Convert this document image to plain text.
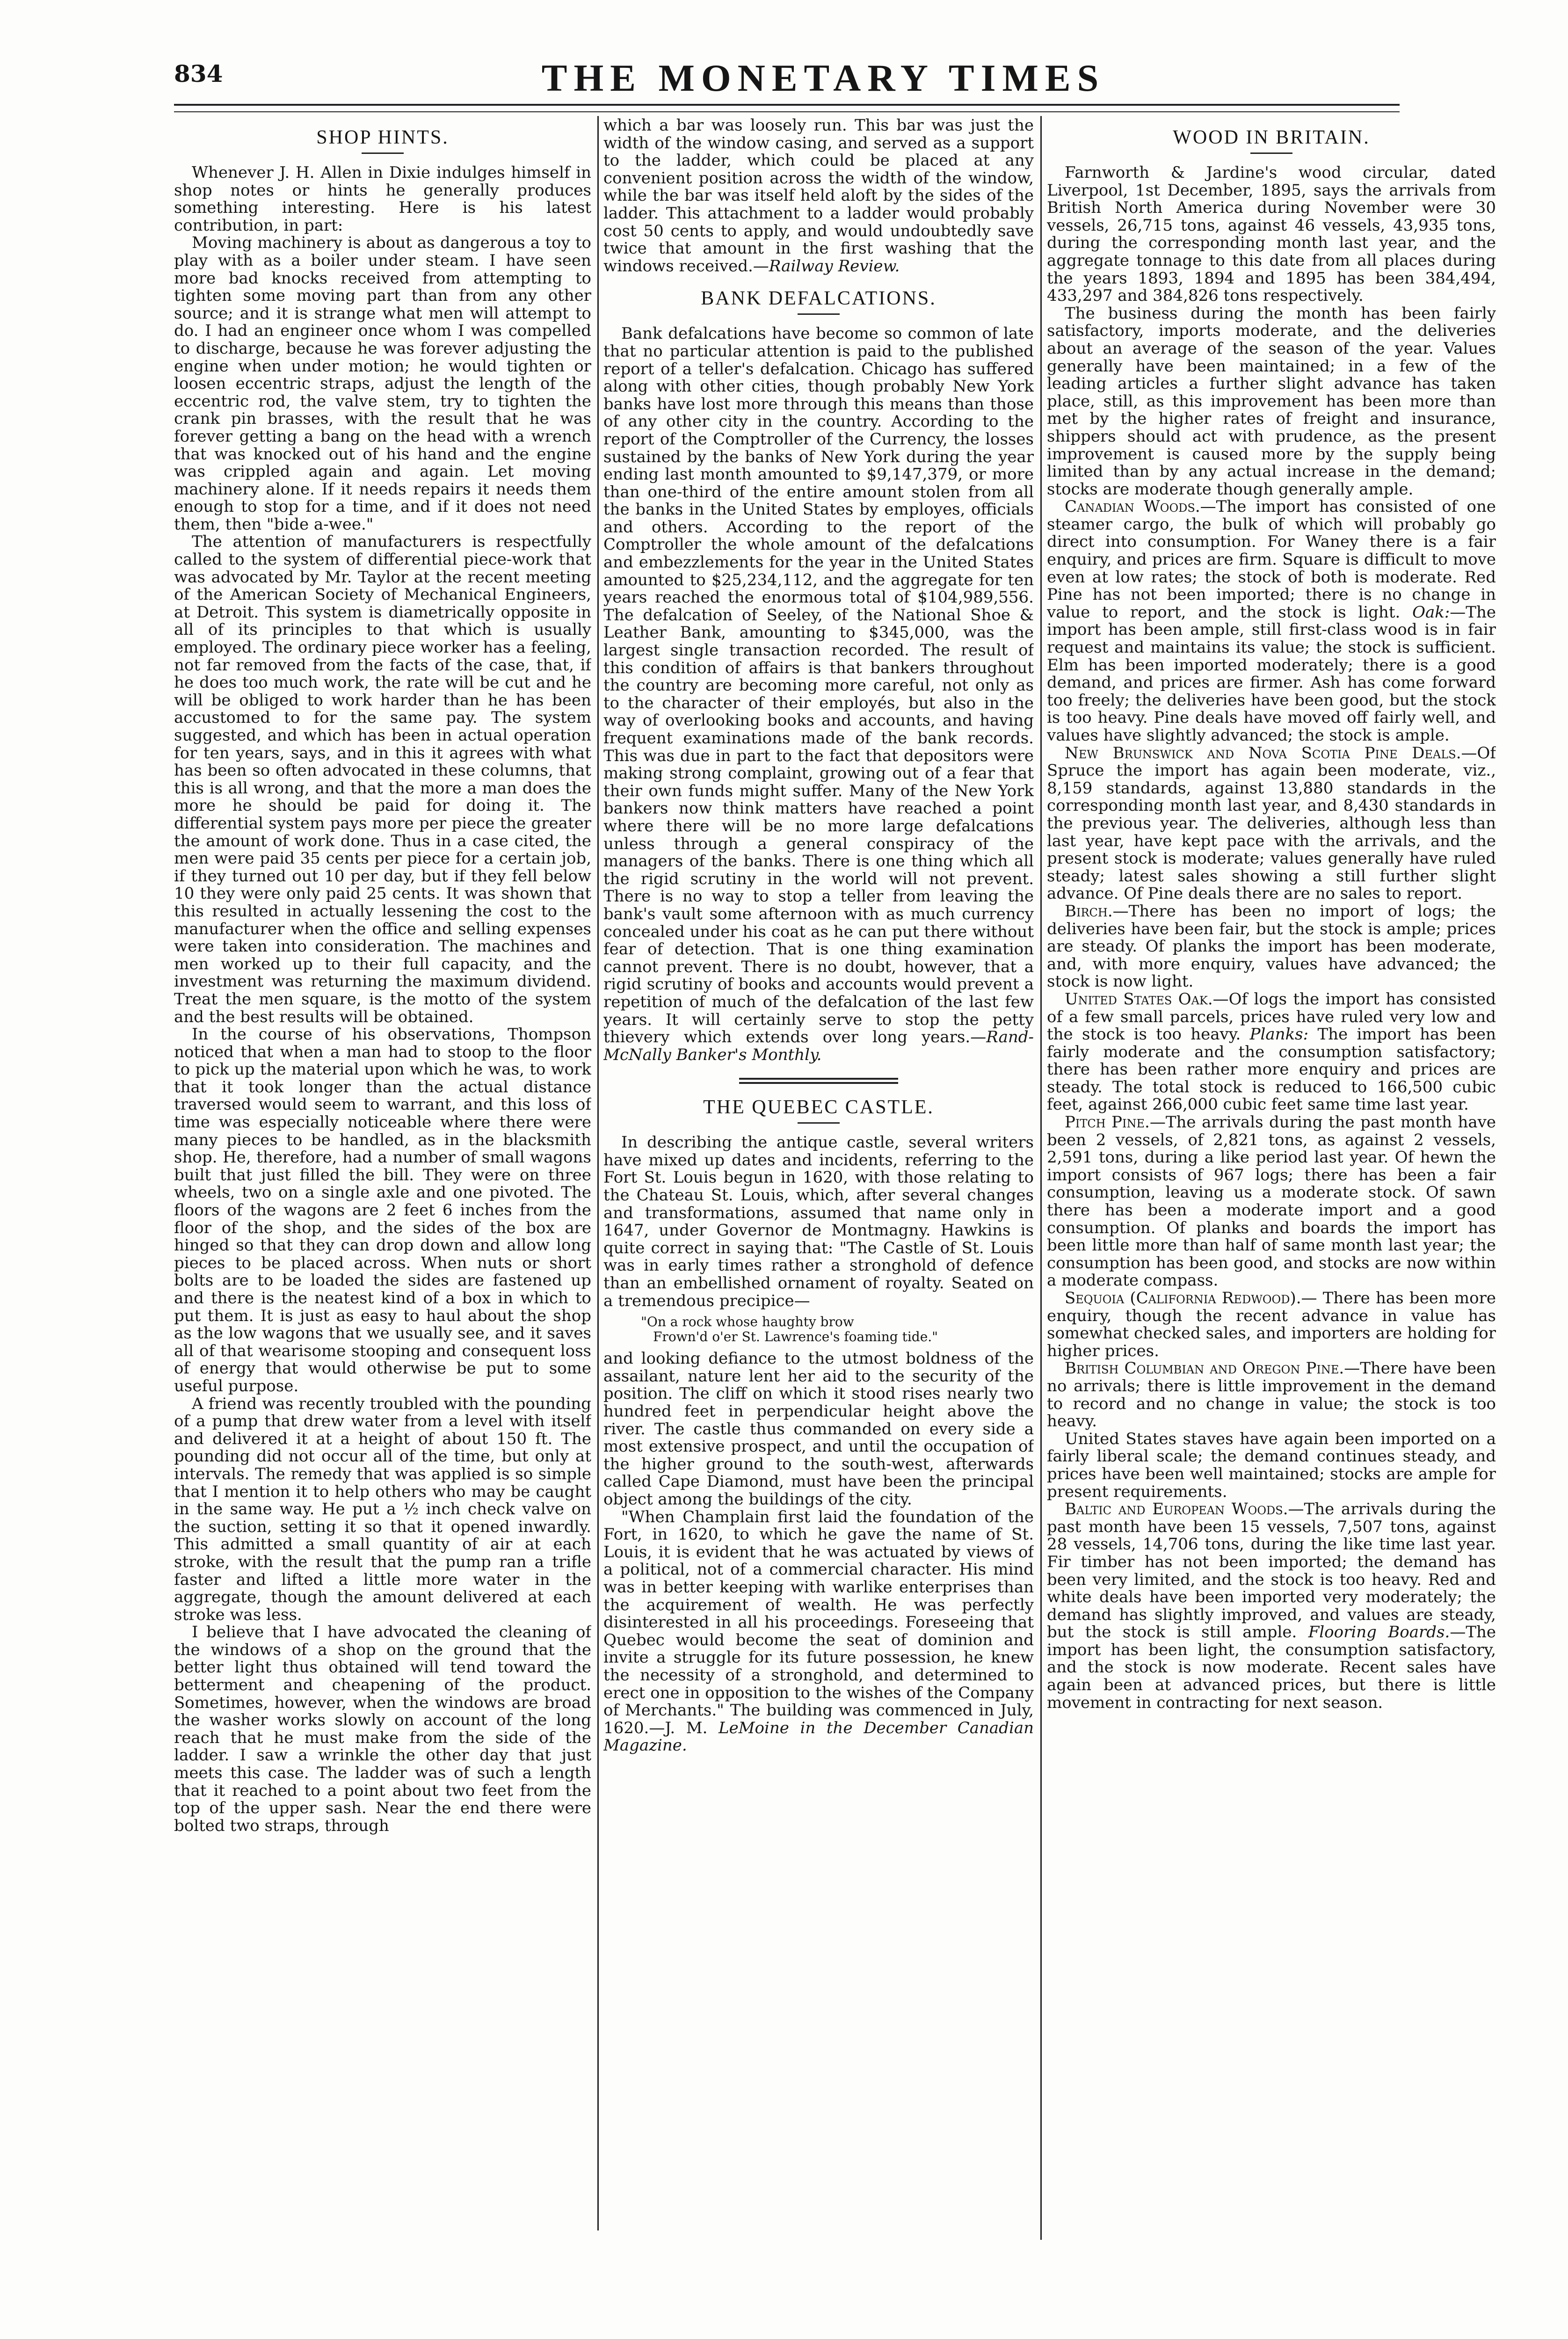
834	THE MONETARY TIMES
SHOP HINTS.

Whenever J. H. Allen in Dixie indulges himself in shop notes or hints he generally produces something interesting. Here is his latest contribution, in part:

Moving machinery is about as dangerous a toy to play with as a boiler under steam. I have seen more bad knocks received from attempting to tighten some moving part than from any other source; and it is strange what men will attempt to do. I had an engineer once whom I was compelled to discharge, because he was forever adjusting the engine when under motion; he would tighten or loosen eccentric straps, adjust the length of the eccentric rod, the valve stem, try to tighten the crank pin brasses, with the result that he was forever getting a bang on the head with a wrench that was knocked out of his hand and the engine was crippled again and again. Let moving machinery alone. If it needs repairs it needs them enough to stop for a time, and if it does not need them, then "bide a-wee."

The attention of manufacturers is respectfully called to the system of differential piece-work that was advocated by Mr. Taylor at the recent meeting of the American Society of Mechanical Engineers, at Detroit. This system is diametrically opposite in all of its principles to that which is usually employed. The ordinary piece worker has a feeling, not far removed from the facts of the case, that, if he does too much work, the rate will be cut and he will be obliged to work harder than he has been accustomed to for the same pay. The system suggested, and which has been in actual operation for ten years, says, and in this it agrees with what has been so often advocated in these columns, that this is all wrong, and that the more a man does the more he should be paid for doing it. The differential system pays more per piece the greater the amount of work done. Thus in a case cited, the men were paid 35 cents per piece for a certain job, if they turned out 10 per day, but if they fell below 10 they were only paid 25 cents. It was shown that this resulted in actually lessening the cost to the manufacturer when the office and selling expenses were taken into consideration. The machines and men worked up to their full capacity, and the investment was returning the maximum dividend. Treat the men square, is the motto of the system and the best results will be obtained.

In the course of his observations, Thompson noticed that when a man had to stoop to the floor to pick up the material upon which he was, to work that it took longer than the actual distance traversed would seem to warrant, and this loss of time was especially noticeable where there were many pieces to be handled, as in the blacksmith shop. He, therefore, had a number of small wagons built that just filled the bill. They were on three wheels, two on a single axle and one pivoted. The floors of the wagons are 2 feet 6 inches from the floor of the shop, and the sides of the box are hinged so that they can drop down and allow long pieces to be placed across. When nuts or short bolts are to be loaded the sides are fastened up and there is the neatest kind of a box in which to put them. It is just as easy to haul about the shop as the low wagons that we usually see, and it saves all of that wearisome stooping and consequent loss of energy that would otherwise be put to some useful purpose.

A friend was recently troubled with the pounding of a pump that drew water from a level with itself and delivered it at a height of about 150 ft. The pounding did not occur all of the time, but only at intervals. The remedy that was applied is so simple that I mention it to help others who may be caught in the same way. He put a ½ inch check valve on the suction, setting it so that it opened inwardly. This admitted a small quantity of air at each stroke, with the result that the pump ran a trifle faster and lifted a little more water in the aggregate, though the amount delivered at each stroke was less.

I believe that I have advocated the cleaning of the windows of a shop on the ground that the better light thus obtained will tend toward the betterment and cheapening of the product. Sometimes, however, when the windows are broad the washer works slowly on account of the long reach that he must make from the side of the ladder. I saw a wrinkle the other day that just meets this case. The ladder was of such a length that it reached to a point about two feet from the top of the upper sash. Near the end there were bolted two straps, through

which a bar was loosely run. This bar was just the width of the window casing, and served as a support to the ladder, which could be placed at any convenient position across the width of the window, while the bar was itself held aloft by the sides of the ladder. This attachment to a ladder would probably cost 50 cents to apply, and would undoubtedly save twice that amount in the first washing that the windows received.—Railway Review.

BANK DEFALCATIONS.

Bank defalcations have become so common of late that no particular attention is paid to the published report of a teller's defalcation. Chicago has suffered along with other cities, though probably New York banks have lost more through this means than those of any other city in the country. According to the report of the Comptroller of the Currency, the losses sustained by the banks of New York during the year ending last month amounted to $9,147,379, or more than one-third of the entire amount stolen from all the banks in the United States by employes, officials and others. According to the report of the Comptroller the whole amount of the defalcations and embezzlements for the year in the United States amounted to $25,234,112, and the aggregate for ten years reached the enormous total of $104,989,556. The defalcation of Seeley, of the National Shoe & Leather Bank, amounting to $345,000, was the largest single transaction recorded. The result of this condition of affairs is that bankers throughout the country are becoming more careful, not only as to the character of their employés, but also in the way of overlooking books and accounts, and having frequent examinations made of the bank records. This was due in part to the fact that depositors were making strong complaint, growing out of a fear that their own funds might suffer. Many of the New York bankers now think matters have reached a point where there will be no more large defalcations unless through a general conspiracy of the managers of the banks. There is one thing which all the rigid scrutiny in the world will not prevent. There is no way to stop a teller from leaving the bank's vault some afternoon with as much currency concealed under his coat as he can put there without fear of detection. That is one thing examination cannot prevent. There is no doubt, however, that a rigid scrutiny of books and accounts would prevent a repetition of much of the defalcation of the last few years. It will certainly serve to stop the petty thievery which extends over long years.—Rand-McNally Banker's Monthly.

THE QUEBEC CASTLE.

In describing the antique castle, several writers have mixed up dates and incidents, referring to the Fort St. Louis begun in 1620, with those relating to the Chateau St. Louis, which, after several changes and transformations, assumed that name only in 1647, under Governor de Montmagny. Hawkins is quite correct in saying that: "The Castle of St. Louis was in early times rather a stronghold of defence than an embellished ornament of royalty. Seated on a tremendous precipice—

"On a rock whose haughty brow
Frown'd o'er St. Lawrence's foaming tide."

and looking defiance to the utmost boldness of the assailant, nature lent her aid to the security of the position. The cliff on which it stood rises nearly two hundred feet in perpendicular height above the river. The castle thus commanded on every side a most extensive prospect, and until the occupation of the higher ground to the south-west, afterwards called Cape Diamond, must have been the principal object among the buildings of the city.

"When Champlain first laid the foundation of the Fort, in 1620, to which he gave the name of St. Louis, it is evident that he was actuated by views of a political, not of a commercial character. His mind was in better keeping with warlike enterprises than the acquirement of wealth. He was perfectly disinterested in all his proceedings. Foreseeing that Quebec would become the seat of dominion and invite a struggle for its future possession, he knew the necessity of a stronghold, and determined to erect one in opposition to the wishes of the Company of Merchants." The building was commenced in July, 1620.—J. M. LeMoine in the December Canadian Magazine.

WOOD IN BRITAIN.

Farnworth & Jardine's wood circular, dated Liverpool, 1st December, 1895, says the arrivals from British North America during November were 30 vessels, 26,715 tons, against 46 vessels, 43,935 tons, during the corresponding month last year, and the aggregate tonnage to this date from all places during the years 1893, 1894 and 1895 has been 384,494, 433,297 and 384,826 tons respectively.

The business during the month has been fairly satisfactory, imports moderate, and the deliveries about an average of the season of the year. Values generally have been maintained; in a few of the leading articles a further slight advance has taken place, still, as this improvement has been more than met by the higher rates of freight and insurance, shippers should act with prudence, as the present improvement is caused more by the supply being limited than by any actual increase in the demand; stocks are moderate though generally ample.

Canadian Woods.—The import has consisted of one steamer cargo, the bulk of which will probably go direct into consumption. For Waney there is a fair enquiry, and prices are firm. Square is difficult to move even at low rates; the stock of both is moderate. Red Pine has not been imported; there is no change in value to report, and the stock is light. Oak:—The import has been ample, still first-class wood is in fair request and maintains its value; the stock is sufficient. Elm has been imported moderately; there is a good demand, and prices are firmer. Ash has come forward too freely; the deliveries have been good, but the stock is too heavy. Pine deals have moved off fairly well, and values have slightly advanced; the stock is ample.

New Brunswick and Nova Scotia Pine Deals.—Of Spruce the import has again been moderate, viz., 8,159 standards, against 13,880 standards in the corresponding month last year, and 8,430 standards in the previous year. The deliveries, although less than last year, have kept pace with the arrivals, and the present stock is moderate; values generally have ruled steady; latest sales showing a still further slight advance. Of Pine deals there are no sales to report.

Birch.—There has been no import of logs; the deliveries have been fair, but the stock is ample; prices are steady. Of planks the import has been moderate, and, with more enquiry, values have advanced; the stock is now light.

United States Oak.—Of logs the import has consisted of a few small parcels, prices have ruled very low and the stock is too heavy. Planks: The import has been fairly moderate and the consumption satisfactory; there has been rather more enquiry and prices are steady. The total stock is reduced to 166,500 cubic feet, against 266,000 cubic feet same time last year.

Pitch Pine.—The arrivals during the past month have been 2 vessels, of 2,821 tons, as against 2 vessels, 2,591 tons, during a like period last year. Of hewn the import consists of 967 logs; there has been a fair consumption, leaving us a moderate stock. Of sawn there has been a moderate import and a good consumption. Of planks and boards the import has been little more than half of same month last year; the consumption has been good, and stocks are now within a moderate compass.

Sequoia (California Redwood).— There has been more enquiry, though the recent advance in value has somewhat checked sales, and importers are holding for higher prices.

British Columbian and Oregon Pine.—There have been no arrivals; there is little improvement in the demand to record and no change in value; the stock is too heavy.

United States staves have again been imported on a fairly liberal scale; the demand continues steady, and prices have been well maintained; stocks are ample for present requirements.

Baltic and European Woods.—The arrivals during the past month have been 15 vessels, 7,507 tons, against 28 vessels, 14,706 tons, during the like time last year. Fir timber has not been imported; the demand has been very limited, and the stock is too heavy. Red and white deals have been imported very moderately; the demand has slightly improved, and values are steady, but the stock is still ample. Flooring Boards.—The import has been light, the consumption satisfactory, and the stock is now moderate. Recent sales have again been at advanced prices, but there is little movement in contracting for next season.
